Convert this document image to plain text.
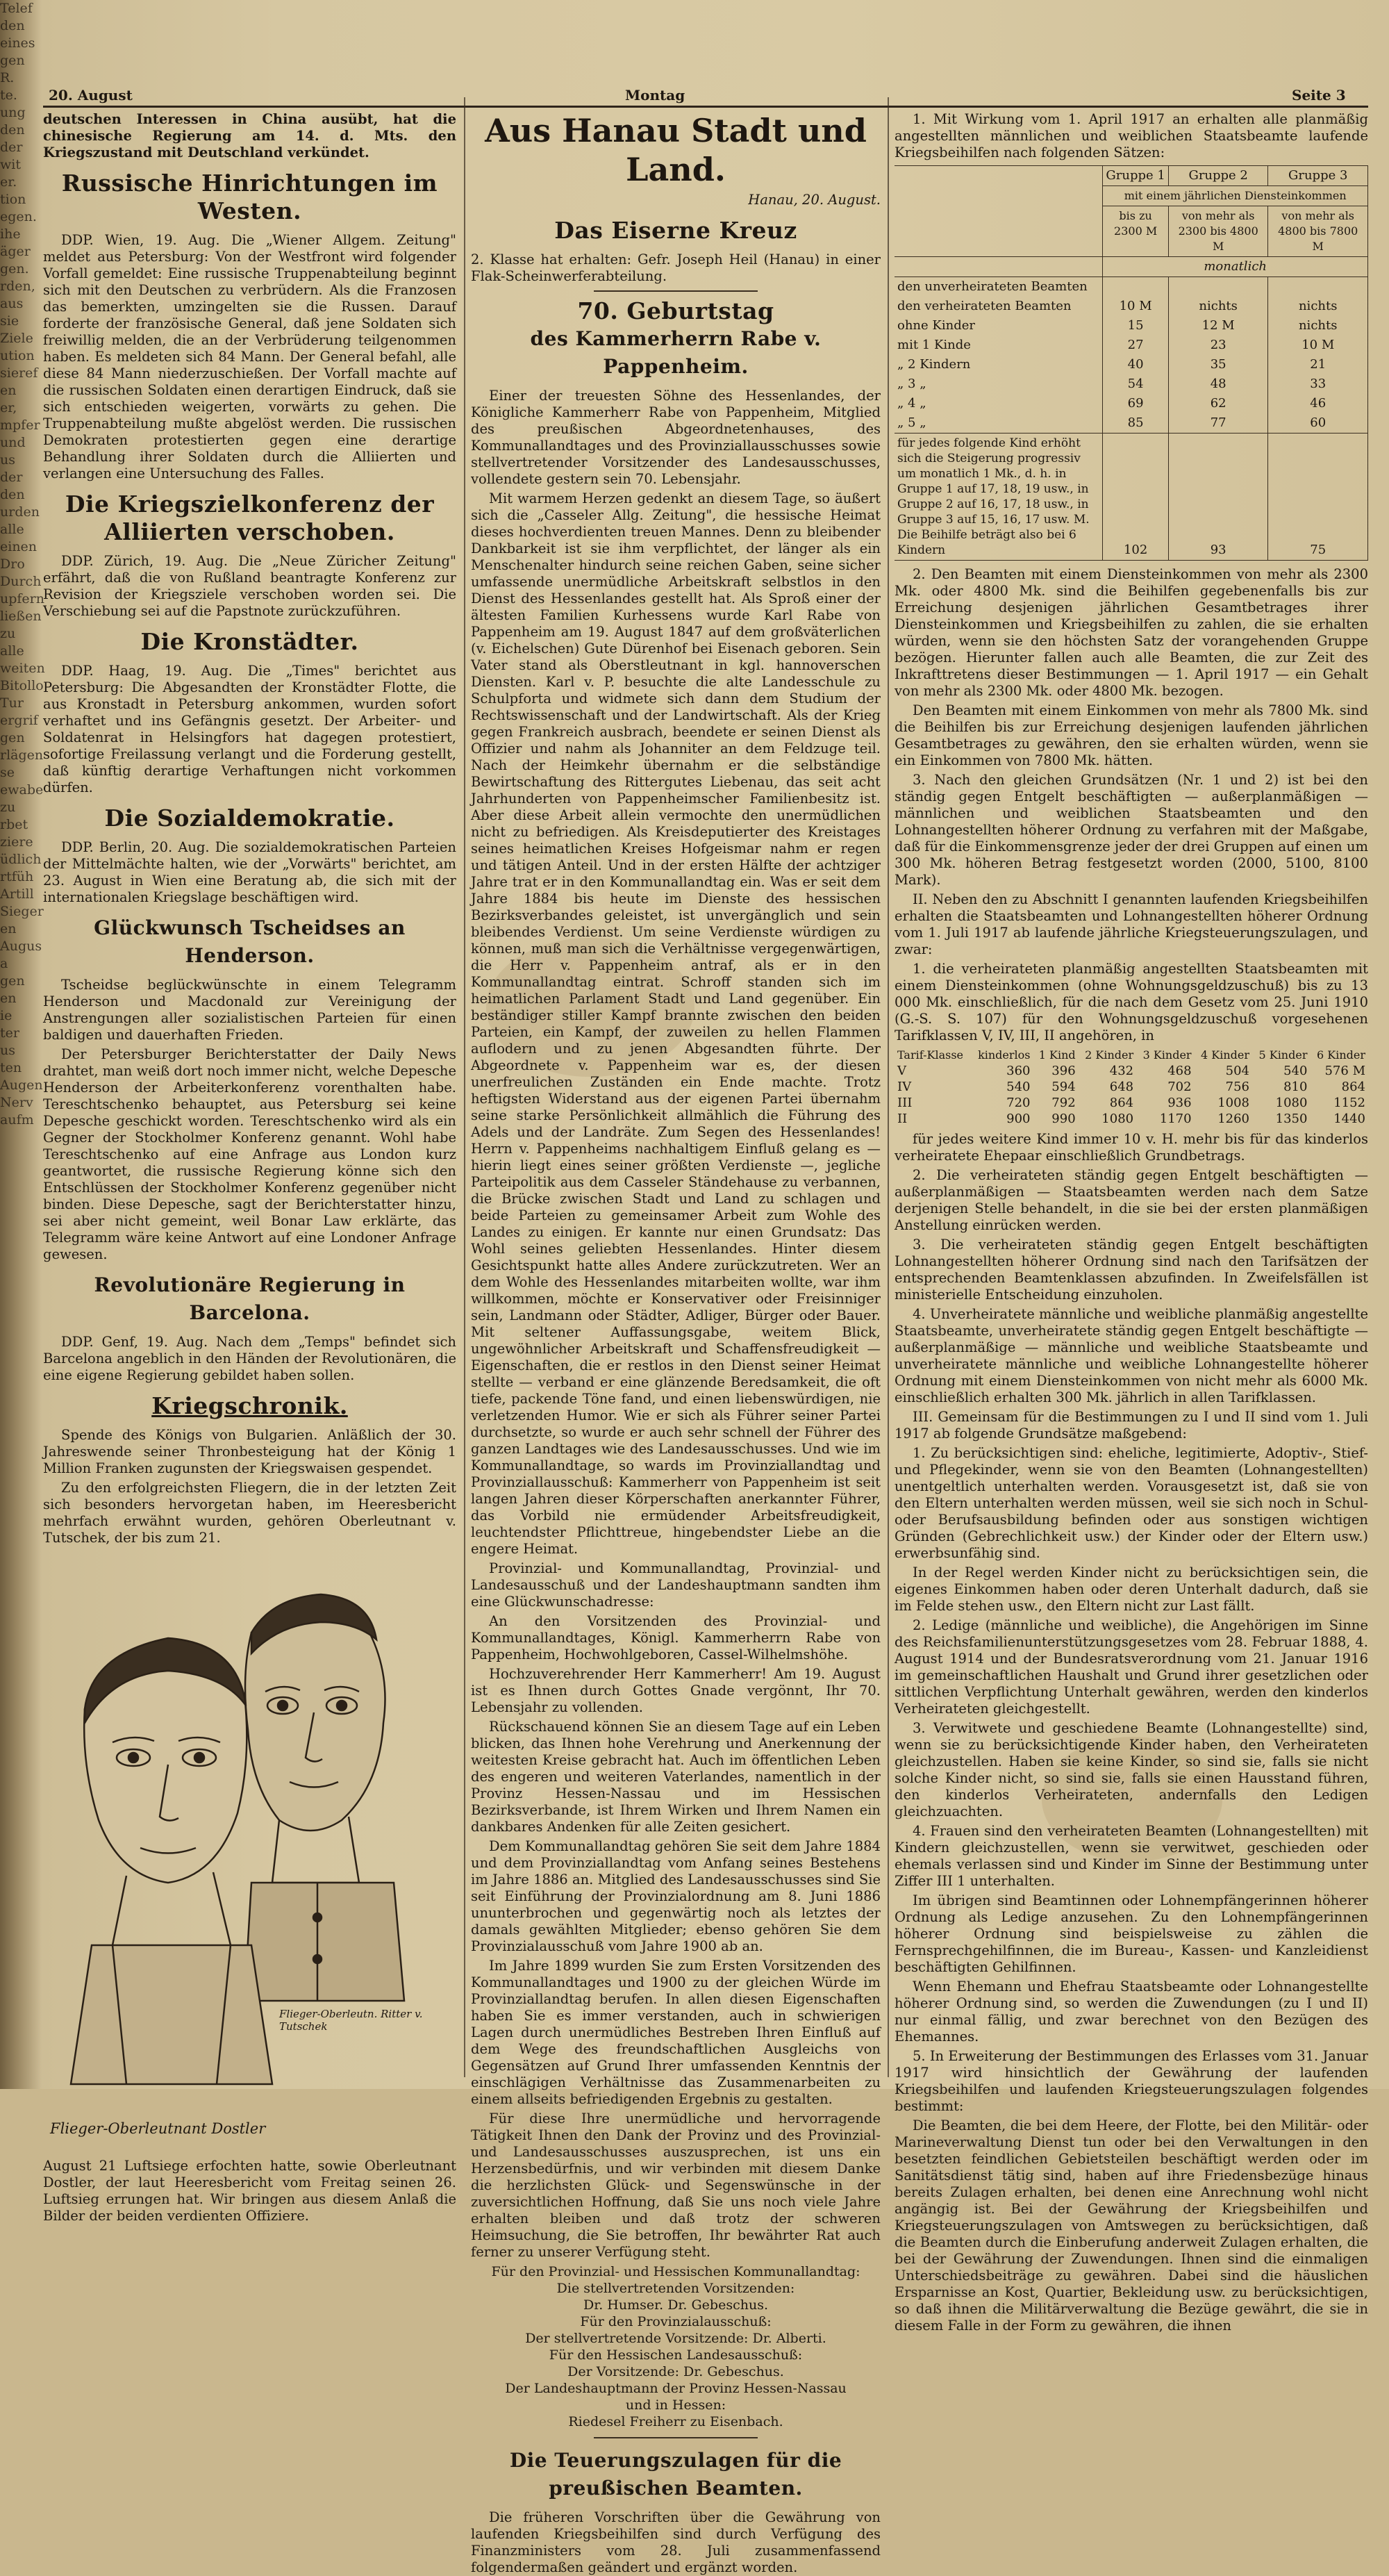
Telef
den
eines
gen
R.
te.
ung
den
der
wit
er.
tion
egen.
ihe
äger
gen.
rden,
aus
sie
Ziele
ution
sieref
en
er,
mpfer
und
us
der
den
urden
alle
einen
Dro
Durch
upfern
ließen
zu
alle
weiten
Bitollo
Tur
ergrif
gen
rlägen
se
ewabe
zu
rbet
ziere
üdlich
rtfüh
Artill
Sieger
en
Augus
a
gen
en
ie
ter
us
ten
Augen
Nerv
aufm
20. August	Montag	Seite 3

deutschen Interessen in China ausübt, hat die chinesische Regierung am 14. d. Mts. den Kriegszustand mit Deutschland verkündet.

Russische Hinrichtungen im Westen.

DDP. Wien, 19. Aug. Die „Wiener Allgem. Zeitung" meldet aus Petersburg: Von der Westfront wird folgender Vorfall gemeldet: Eine russische Truppenabteilung beginnt sich mit den Deutschen zu verbrüdern. Als die Franzosen das bemerkten, umzingelten sie die Russen. Darauf forderte der französische General, daß jene Soldaten sich freiwillig melden, die an der Verbrüderung teilgenommen haben. Es meldeten sich 84 Mann. Der General befahl, alle diese 84 Mann niederzuschießen. Der Vorfall machte auf die russischen Soldaten einen derartigen Eindruck, daß sie sich entschieden weigerten, vorwärts zu gehen. Die Truppenabteilung mußte abgelöst werden. Die russischen Demokraten protestierten gegen eine derartige Behandlung ihrer Soldaten durch die Alliierten und verlangen eine Untersuchung des Falles.

Die Kriegszielkonferenz der Alliierten verschoben.

DDP. Zürich, 19. Aug. Die „Neue Züricher Zeitung" erfährt, daß die von Rußland beantragte Konferenz zur Revision der Kriegsziele verschoben worden sei. Die Verschiebung sei auf die Papstnote zurückzuführen.

Die Kronstädter.

DDP. Haag, 19. Aug. Die „Times" berichtet aus Petersburg: Die Abgesandten der Kronstädter Flotte, die aus Kronstadt in Petersburg ankommen, wurden sofort verhaftet und ins Gefängnis gesetzt. Der Arbeiter- und Soldatenrat in Helsingfors hat dagegen protestiert, sofortige Freilassung verlangt und die Forderung gestellt, daß künftig derartige Verhaftungen nicht vorkommen dürfen.

Die Sozialdemokratie.

DDP. Berlin, 20. Aug. Die sozialdemokratischen Parteien der Mittelmächte halten, wie der „Vorwärts" berichtet, am 23. August in Wien eine Beratung ab, die sich mit der internationalen Kriegslage beschäftigen wird.

Glückwunsch Tscheidses an Henderson.

Tscheidse beglückwünschte in einem Telegramm Henderson und Macdonald zur Vereinigung der Anstrengungen aller sozialistischen Parteien für einen baldigen und dauerhaften Frieden.

Der Petersburger Berichterstatter der Daily News drahtet, man weiß dort noch immer nicht, welche Depesche Henderson der Arbeiterkonferenz vorenthalten habe. Tereschtschenko behauptet, aus Petersburg sei keine Depesche geschickt worden. Tereschtschenko wird als ein Gegner der Stockholmer Konferenz genannt. Wohl habe Tereschtschenko auf eine Anfrage aus London kurz geantwortet, die russische Regierung könne sich den Entschlüssen der Stockholmer Konferenz gegenüber nicht binden. Diese Depesche, sagt der Berichterstatter hinzu, sei aber nicht gemeint, weil Bonar Law erklärte, das Telegramm wäre keine Antwort auf eine Londoner Anfrage gewesen.

Revolutionäre Regierung in Barcelona.

DDP. Genf, 19. Aug. Nach dem „Temps" befindet sich Barcelona angeblich in den Händen der Revolutionären, die eine eigene Regierung gebildet haben sollen.

Kriegschronik.

Spende des Königs von Bulgarien. Anläßlich der 30. Jahreswende seiner Thronbesteigung hat der König 1 Million Franken zugunsten der Kriegswaisen gespendet.

Zu den erfolgreichsten Fliegern, die in der letzten Zeit sich besonders hervorgetan haben, im Heeresbericht mehrfach erwähnt wurden, gehören Oberleutnant v. Tutschek, der bis zum 21.

Flieger-Oberleutn. Ritter v. Tutschek
Flieger-Oberleutnant Dostler

August 21 Luftsiege erfochten hatte, sowie Oberleutnant Dostler, der laut Heeresbericht vom Freitag seinen 26. Luftsieg errungen hat. Wir bringen aus diesem Anlaß die Bilder der beiden verdienten Offiziere.

Aus Hanau Stadt und Land.

Hanau, 20. August.

Das Eiserne Kreuz

2. Klasse hat erhalten: Gefr. Joseph Heil (Hanau) in einer Flak-Scheinwerferabteilung.

70. Geburtstag
des Kammerherrn Rabe v. Pappenheim.

Einer der treuesten Söhne des Hessenlandes, der Königliche Kammerherr Rabe von Pappenheim, Mitglied des preußischen Abgeordnetenhauses, des Kommunallandtages und des Provinziallausschusses sowie stellvertretender Vorsitzender des Landesausschusses, vollendete gestern sein 70. Lebensjahr.

Mit warmem Herzen gedenkt an diesem Tage, so äußert sich die „Casseler Allg. Zeitung", die hessische Heimat dieses hochverdienten treuen Mannes. Denn zu bleibender Dankbarkeit ist sie ihm verpflichtet, der länger als ein Menschenalter hindurch seine reichen Gaben, seine sicher umfassende unermüdliche Arbeitskraft selbstlos in den Dienst des Hessenlandes gestellt hat. Als Sproß einer der ältesten Familien Kurhessens wurde Karl Rabe von Pappenheim am 19. August 1847 auf dem großväterlichen (v. Eichelschen) Gute Dürenhof bei Eisenach geboren. Sein Vater stand als Oberstleutnant in kgl. hannoverschen Diensten. Karl v. P. besuchte die alte Landesschule zu Schulpforta und widmete sich dann dem Studium der Rechtswissenschaft und der Landwirtschaft. Als der Krieg gegen Frankreich ausbrach, beendete er seinen Dienst als Offizier und nahm als Johanniter an dem Feldzuge teil. Nach der Heimkehr übernahm er die selbständige Bewirtschaftung des Rittergutes Liebenau, das seit acht Jahrhunderten von Pappenheimscher Familienbesitz ist. Aber diese Arbeit allein vermochte den unermüdlichen nicht zu befriedigen. Als Kreisdeputierter des Kreistages seines heimatlichen Kreises Hofgeismar nahm er regen und tätigen Anteil. Und in der ersten Hälfte der achtziger Jahre trat er in den Kommunallandtag ein. Was er seit dem Jahre 1884 bis heute im Dienste des hessischen Bezirksverbandes geleistet, ist unvergänglich und sein bleibendes Verdienst. Um seine Verdienste würdigen zu können, muß man sich die Verhältnisse vergegenwärtigen, die Herr v. Pappenheim antraf, als er in den Kommunallandtag eintrat. Schroff standen sich im heimatlichen Parlament Stadt und Land gegenüber. Ein beständiger stiller Kampf brannte zwischen den beiden Parteien, ein Kampf, der zuweilen zu hellen Flammen auflodern und zu jenen Abgesandten führte. Der Abgeordnete v. Pappenheim war es, der diesen unerfreulichen Zuständen ein Ende machte. Trotz heftigsten Widerstand aus der eigenen Partei übernahm seine starke Persönlichkeit allmählich die Führung des Adels und der Landräte. Zum Segen des Hessenlandes! Herrn v. Pappenheims nachhaltigem Einfluß gelang es — hierin liegt eines seiner größten Verdienste —, jegliche Parteipolitik aus dem Casseler Ständehause zu verbannen, die Brücke zwischen Stadt und Land zu schlagen und beide Parteien zu gemeinsamer Arbeit zum Wohle des Landes zu einigen. Er kannte nur einen Grundsatz: Das Wohl seines geliebten Hessenlandes. Hinter diesem Gesichtspunkt hatte alles Andere zurückzutreten. Wer an dem Wohle des Hessenlandes mitarbeiten wollte, war ihm willkommen, möchte er Konservativer oder Freisinniger sein, Landmann oder Städter, Adliger, Bürger oder Bauer. Mit seltener Auffassungsgabe, weitem Blick, ungewöhnlicher Arbeitskraft und Schaffensfreudigkeit — Eigenschaften, die er restlos in den Dienst seiner Heimat stellte — verband er eine glänzende Beredsamkeit, die oft tiefe, packende Töne fand, und einen liebenswürdigen, nie verletzenden Humor. Wie er sich als Führer seiner Partei durchsetzte, so wurde er auch sehr schnell der Führer des ganzen Landtages wie des Landesausschusses. Und wie im Kommunallandtage, so wards im Provinziallandtag und Provinziallausschuß: Kammerherr von Pappenheim ist seit langen Jahren dieser Körperschaften anerkannter Führer, das Vorbild nie ermüdender Arbeitsfreudigkeit, leuchtendster Pflichttreue, hingebendster Liebe an die engere Heimat.

Provinzial- und Kommunallandtag, Provinzial- und Landesausschuß und der Landeshauptmann sandten ihm eine Glückwunschadresse:

An den Vorsitzenden des Provinzial- und Kommunallandtages, Königl. Kammerherrn Rabe von Pappenheim, Hochwohlgeboren, Cassel-Wilhelmshöhe.

Hochzuverehrender Herr Kammerherr! Am 19. August ist es Ihnen durch Gottes Gnade vergönnt, Ihr 70. Lebensjahr zu vollenden.

Rückschauend können Sie an diesem Tage auf ein Leben blicken, das Ihnen hohe Verehrung und Anerkennung der weitesten Kreise gebracht hat. Auch im öffentlichen Leben des engeren und weiteren Vaterlandes, namentlich in der Provinz Hessen-Nassau und im Hessischen Bezirksverbande, ist Ihrem Wirken und Ihrem Namen ein dankbares Andenken für alle Zeiten gesichert.

Dem Kommunallandtag gehören Sie seit dem Jahre 1884 und dem Provinziallandtag vom Anfang seines Bestehens im Jahre 1886 an. Mitglied des Landesausschusses sind Sie seit Einführung der Provinzialordnung am 8. Juni 1886 ununterbrochen und gegenwärtig noch als letztes der damals gewählten Mitglieder; ebenso gehören Sie dem Provinzialausschuß vom Jahre 1900 ab an.

Im Jahre 1899 wurden Sie zum Ersten Vorsitzenden des Kommunallandtages und 1900 zu der gleichen Würde im Provinziallandtag berufen. In allen diesen Eigenschaften haben Sie es immer verstanden, auch in schwierigen Lagen durch unermüdliches Bestreben Ihren Einfluß auf dem Wege des freundschaftlichen Ausgleichs von Gegensätzen auf Grund Ihrer umfassenden Kenntnis der einschlägigen Verhältnisse das Zusammenarbeiten zu einem allseits befriedigenden Ergebnis zu gestalten.

Für diese Ihre unermüdliche und hervorragende Tätigkeit Ihnen den Dank der Provinz und des Provinzial- und Landesausschusses auszusprechen, ist uns ein Herzensbedürfnis, und wir verbinden mit diesem Danke die herzlichsten Glück- und Segenswünsche in der zuversichtlichen Hoffnung, daß Sie uns noch viele Jahre erhalten bleiben und daß trotz der schweren Heimsuchung, die Sie betroffen, Ihr bewährter Rat auch ferner zu unserer Verfügung steht.

Für den Provinzial- und Hessischen Kommunallandtag:

Die stellvertretenden Vorsitzenden:

Dr. Humser. Dr. Gebeschus.

Für den Provinzialausschuß:

Der stellvertretende Vorsitzende: Dr. Alberti.

Für den Hessischen Landesausschuß:

Der Vorsitzende: Dr. Gebeschus.

Der Landeshauptmann der Provinz Hessen-Nassau

und in Hessen:

Riedesel Freiherr zu Eisenbach.

Die Teuerungszulagen für die preußischen Beamten.

Die früheren Vorschriften über die Gewährung von laufenden Kriegsbeihilfen sind durch Verfügung des Finanzministers vom 28. Juli zusammenfassend folgendermaßen geändert und ergänzt worden.

1. Mit Wirkung vom 1. April 1917 an erhalten alle planmäßig angestellten männlichen und weiblichen Staatsbeamte laufende Kriegsbeihilfen nach folgenden Sätzen:

	Gruppe 1	Gruppe 2	Gruppe 3
	mit einem jährlichen Diensteinkommen		
	bis zu 2300 M	von mehr als 2300 bis 4800 M	von mehr als 4800 bis 7800 M
	monatlich		
den unverheirateten Beamten			
den verheirateten Beamten	10 M	nichts	nichts
ohne Kinder	15	12 M	nichts
mit 1 Kinde	27	23	10 M
„ 2 Kindern	40	35	21
„ 3 „	54	48	33
„ 4 „	69	62	46
„ 5 „	85	77	60
für jedes folgende Kind erhöht sich die Steigerung progressiv um monatlich 1 Mk., d. h. in Gruppe 1 auf 17, 18, 19 usw., in Gruppe 2 auf 16, 17, 18 usw., in Gruppe 3 auf 15, 16, 17 usw. M. Die Beihilfe beträgt also bei 6 Kindern	102	93	75

2. Den Beamten mit einem Diensteinkommen von mehr als 2300 Mk. oder 4800 Mk. sind die Beihilfen gegebenenfalls bis zur Erreichung desjenigen jährlichen Gesamtbetrages ihrer Diensteinkommen und Kriegsbeihilfen zu zahlen, die sie erhalten würden, wenn sie den höchsten Satz der vorangehenden Gruppe bezögen. Hierunter fallen auch alle Beamten, die zur Zeit des Inkrafttretens dieser Bestimmungen — 1. April 1917 — ein Gehalt von mehr als 2300 Mk. oder 4800 Mk. bezogen.

Den Beamten mit einem Einkommen von mehr als 7800 Mk. sind die Beihilfen bis zur Erreichung desjenigen laufenden jährlichen Gesamtbetrages zu gewähren, den sie erhalten würden, wenn sie ein Einkommen von 7800 Mk. hätten.

3. Nach den gleichen Grundsätzen (Nr. 1 und 2) ist bei den ständig gegen Entgelt beschäftigten — außerplanmäßigen — männlichen und weiblichen Staatsbeamten und den Lohnangestellten höherer Ordnung zu verfahren mit der Maßgabe, daß für die Einkommensgrenze jeder der drei Gruppen auf einen um 300 Mk. höheren Betrag festgesetzt worden (2000, 5100, 8100 Mark).

II. Neben den zu Abschnitt I genannten laufenden Kriegsbeihilfen erhalten die Staatsbeamten und Lohnangestellten höherer Ordnung vom 1. Juli 1917 ab laufende jährliche Kriegsteuerungszulagen, und zwar:

1. die verheirateten planmäßig angestellten Staatsbeamten mit einem Diensteinkommen (ohne Wohnungsgeldzuschuß) bis zu 13 000 Mk. einschließlich, für die nach dem Gesetz vom 25. Juni 1910 (G.-S. S. 107) für den Wohnungsgeldzuschuß vorgesehenen Tarifklassen V, IV, III, II angehören, in

Tarif-Klasse	kinderlos	1 Kind	2 Kinder	3 Kinder	4 Kinder	5 Kinder	6 Kinder
V	360	396	432	468	504	540	576 M
IV	540	594	648	702	756	810	864
III	720	792	864	936	1008	1080	1152
II	900	990	1080	1170	1260	1350	1440

für jedes weitere Kind immer 10 v. H. mehr bis für das kinderlos verheiratete Ehepaar einschließlich Grundbetrags.

2. Die verheirateten ständig gegen Entgelt beschäftigten — außerplanmäßigen — Staatsbeamten werden nach dem Satze derjenigen Stelle behandelt, in die sie bei der ersten planmäßigen Anstellung einrücken werden.

3. Die verheirateten ständig gegen Entgelt beschäftigten Lohnangestellten höherer Ordnung sind nach den Tarifsätzen der entsprechenden Beamtenklassen abzufinden. In Zweifelsfällen ist ministerielle Entscheidung einzuholen.

4. Unverheiratete männliche und weibliche planmäßig angestellte Staatsbeamte, unverheiratete ständig gegen Entgelt beschäftigte — außerplanmäßige — männliche und weibliche Staatsbeamte und unverheiratete männliche und weibliche Lohnangestellte höherer Ordnung mit einem Diensteinkommen von nicht mehr als 6000 Mk. einschließlich erhalten 300 Mk. jährlich in allen Tarifklassen.

III. Gemeinsam für die Bestimmungen zu I und II sind vom 1. Juli 1917 ab folgende Grundsätze maßgebend:

1. Zu berücksichtigen sind: eheliche, legitimierte, Adoptiv-, Stief- und Pflegekinder, wenn sie von den Beamten (Lohnangestellten) unentgeltlich unterhalten werden. Vorausgesetzt ist, daß sie von den Eltern unterhalten werden müssen, weil sie sich noch in Schul- oder Berufsausbildung befinden oder aus sonstigen wichtigen Gründen (Gebrechlichkeit usw.) der Kinder oder der Eltern usw.) erwerbsunfähig sind.

In der Regel werden Kinder nicht zu berücksichtigen sein, die eigenes Einkommen haben oder deren Unterhalt dadurch, daß sie im Felde stehen usw., den Eltern nicht zur Last fällt.

2. Ledige (männliche und weibliche), die Angehörigen im Sinne des Reichsfamilienunterstützungsgesetzes vom 28. Februar 1888, 4. August 1914 und der Bundesratsverordnung vom 21. Januar 1916 im gemeinschaftlichen Haushalt und Grund ihrer gesetzlichen oder sittlichen Verpflichtung Unterhalt gewähren, werden den kinderlos Verheirateten gleichgestellt.

3. Verwitwete und geschiedene Beamte (Lohnangestellte) sind, wenn sie zu berücksichtigende Kinder haben, den Verheirateten gleichzustellen. Haben sie keine Kinder, so sind sie, falls sie nicht solche Kinder nicht, so sind sie, falls sie einen Hausstand führen, den kinderlos Verheirateten, andernfalls den Ledigen gleichzuachten.

4. Frauen sind den verheirateten Beamten (Lohnangestellten) mit Kindern gleichzustellen, wenn sie verwitwet, geschieden oder ehemals verlassen sind und Kinder im Sinne der Bestimmung unter Ziffer III 1 unterhalten.

Im übrigen sind Beamtinnen oder Lohnempfängerinnen höherer Ordnung als Ledige anzusehen. Zu den Lohnempfängerinnen höherer Ordnung sind beispielsweise zu zählen die Fernsprechgehilfinnen, die im Bureau-, Kassen- und Kanzleidienst beschäftigten Gehilfinnen.

Wenn Ehemann und Ehefrau Staatsbeamte oder Lohnangestellte höherer Ordnung sind, so werden die Zuwendungen (zu I und II) nur einmal fällig, und zwar berechnet von den Bezügen des Ehemannes.

5. In Erweiterung der Bestimmungen des Erlasses vom 31. Januar 1917 wird hinsichtlich der Gewährung der laufenden Kriegsbeihilfen und laufenden Kriegsteuerungszulagen folgendes bestimmt:

Die Beamten, die bei dem Heere, der Flotte, bei den Militär- oder Marineverwaltung Dienst tun oder bei den Verwaltungen in den besetzten feindlichen Gebietsteilen beschäftigt werden oder im Sanitätsdienst tätig sind, haben auf ihre Friedensbezüge hinaus bereits Zulagen erhalten, bei denen eine Anrechnung wohl nicht angängig ist. Bei der Gewährung der Kriegsbeihilfen und Kriegsteuerungszulagen von Amtswegen zu berücksichtigen, daß die Beamten durch die Einberufung anderweit Zulagen erhalten, die bei der Gewährung der Zuwendungen. Ihnen sind die einmaligen Unterschiedsbeiträge zu gewähren. Dabei sind die häuslichen Ersparnisse an Kost, Quartier, Bekleidung usw. zu berücksichtigen, so daß ihnen die Militärverwaltung die Bezüge gewährt, die sie in diesem Falle in der Form zu gewähren, die ihnen
